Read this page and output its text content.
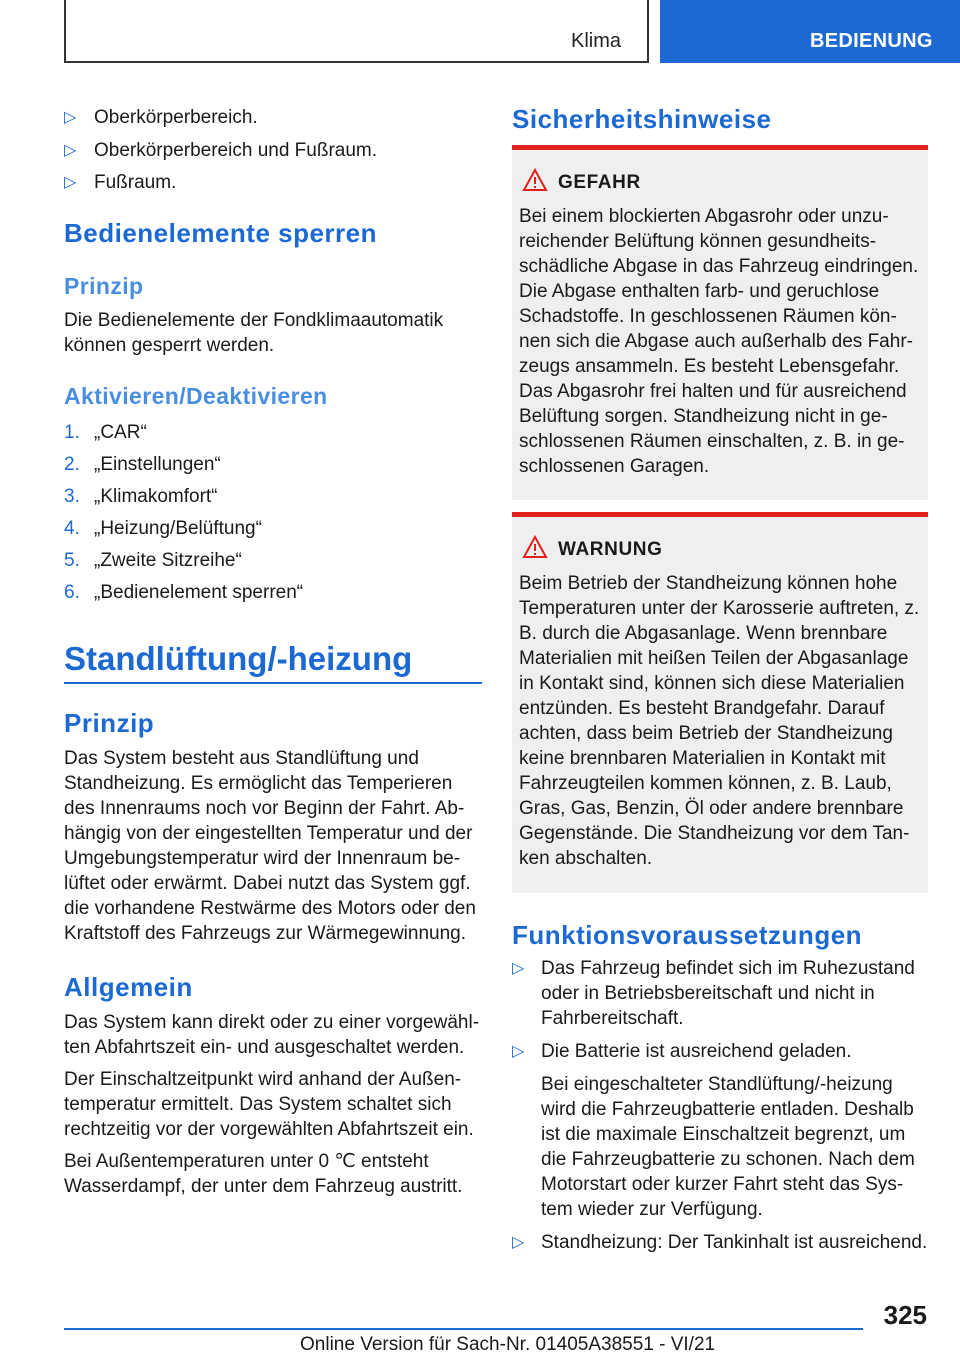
Klima	BEDIENUNG
▷ Oberkörperbereich.
▷ Oberkörperbereich und Fußraum.
▷ Fußraum.
Bedienelemente sperren
Prinzip
Die Bedienelemente der Fondklimaautomatik können gesperrt werden.
Aktivieren/Deaktivieren
1. „CAR“
2. „Einstellungen“
3. „Klimakomfort“
4. „Heizung/Belüftung“
5. „Zweite Sitzreihe“
6. „Bedienelement sperren“
Standlüftung/-heizung
Prinzip
Das System besteht aus Standlüftung und Standheizung. Es ermöglicht das Temperieren des Innenraums noch vor Beginn der Fahrt. Abhängig von der eingestellten Temperatur und der Umgebungstemperatur wird der Innenraum belüftet oder erwärmt. Dabei nutzt das System ggf. die vorhandene Restwärme des Motors oder den Kraftstoff des Fahrzeugs zur Wärmegewinnung.
Allgemein
Das System kann direkt oder zu einer vorgewählten Abfahrtszeit ein- und ausgeschaltet werden.
Der Einschaltzeitpunkt wird anhand der Außentemperatur ermittelt. Das System schaltet sich rechtzeitig vor der vorgewählten Abfahrtszeit ein.
Bei Außentemperaturen unter 0 ℃ entsteht Wasserdampf, der unter dem Fahrzeug austritt.
Sicherheitshinweise
GEFAHR
Bei einem blockierten Abgasrohr oder unzureichender Belüftung können gesundheitsschädliche Abgase in das Fahrzeug eindringen. Die Abgase enthalten farb- und geruchlose Schadstoffe. In geschlossenen Räumen können sich die Abgase auch außerhalb des Fahrzeugs ansammeln. Es besteht Lebensgefahr. Das Abgasrohr frei halten und für ausreichend Belüftung sorgen. Standheizung nicht in geschlossenen Räumen einschalten, z. B. in geschlossenen Garagen.
WARNUNG
Beim Betrieb der Standheizung können hohe Temperaturen unter der Karosserie auftreten, z. B. durch die Abgasanlage. Wenn brennbare Materialien mit heißen Teilen der Abgasanlage in Kontakt sind, können sich diese Materialien entzünden. Es besteht Brandgefahr. Darauf achten, dass beim Betrieb der Standheizung keine brennbaren Materialien in Kontakt mit Fahrzeugteilen kommen können, z. B. Laub, Gras, Gas, Benzin, Öl oder andere brennbare Gegenstände. Die Standheizung vor dem Tanken abschalten.
Funktionsvoraussetzungen
▷ Das Fahrzeug befindet sich im Ruhezustand oder in Betriebsbereitschaft und nicht in Fahrbereitschaft.
▷ Die Batterie ist ausreichend geladen.
Bei eingeschalteter Standlüftung/-heizung wird die Fahrzeugbatterie entladen. Deshalb ist die maximale Einschaltzeit begrenzt, um die Fahrzeugbatterie zu schonen. Nach dem Motorstart oder kurzer Fahrt steht das System wieder zur Verfügung.
▷ Standheizung: Der Tankinhalt ist ausreichend.
325
Online Version für Sach-Nr. 01405A38551 - VI/21
